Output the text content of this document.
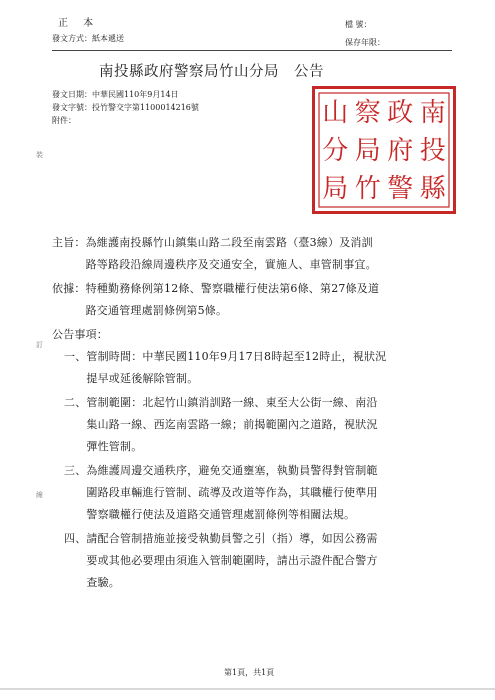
正 本
發文方式：紙本遞送
檔 號：
保存年限：
南投縣政府警察局竹山分局　公告
發文日期：中華民國110年9月14日
發文字號：投竹警交字第1100014216號
附件：	南
投
縣
政
府
警
察
局
竹
山
分
局
主旨：為維護南投縣竹山鎮集山路二段至南雲路（臺3線）及消訓
　　　路等路段沿線周邊秩序及交通安全，實施人、車管制事宜。
依據：特種勤務條例第12條、警察職權行使法第6條、第27條及道
　　　路交通管理處罰條例第5條。
公告事項：
一、管制時間：中華民國110年9月17日8時起至12時止，視狀況
　　提早或延後解除管制。
二、管制範圍：北起竹山鎮消訓路一線、東至大公街一線、南沿
　　集山路一線、西迄南雲路一線；前揭範圍內之道路，視狀況
　　彈性管制。
三、為維護周邊交通秩序，避免交通壅塞，執勤員警得對管制範
　　圍路段車輛進行管制、疏導及改道等作為，其職權行使準用
　　警察職權行使法及道路交通管理處罰條例等相關法規。
四、請配合管制措施並接受執勤員警之引（指）導，如因公務需
　　要或其他必要理由須進入管制範圍時，請出示證件配合警方
　　查驗。
裝
訂
線
第1頁，共1頁
